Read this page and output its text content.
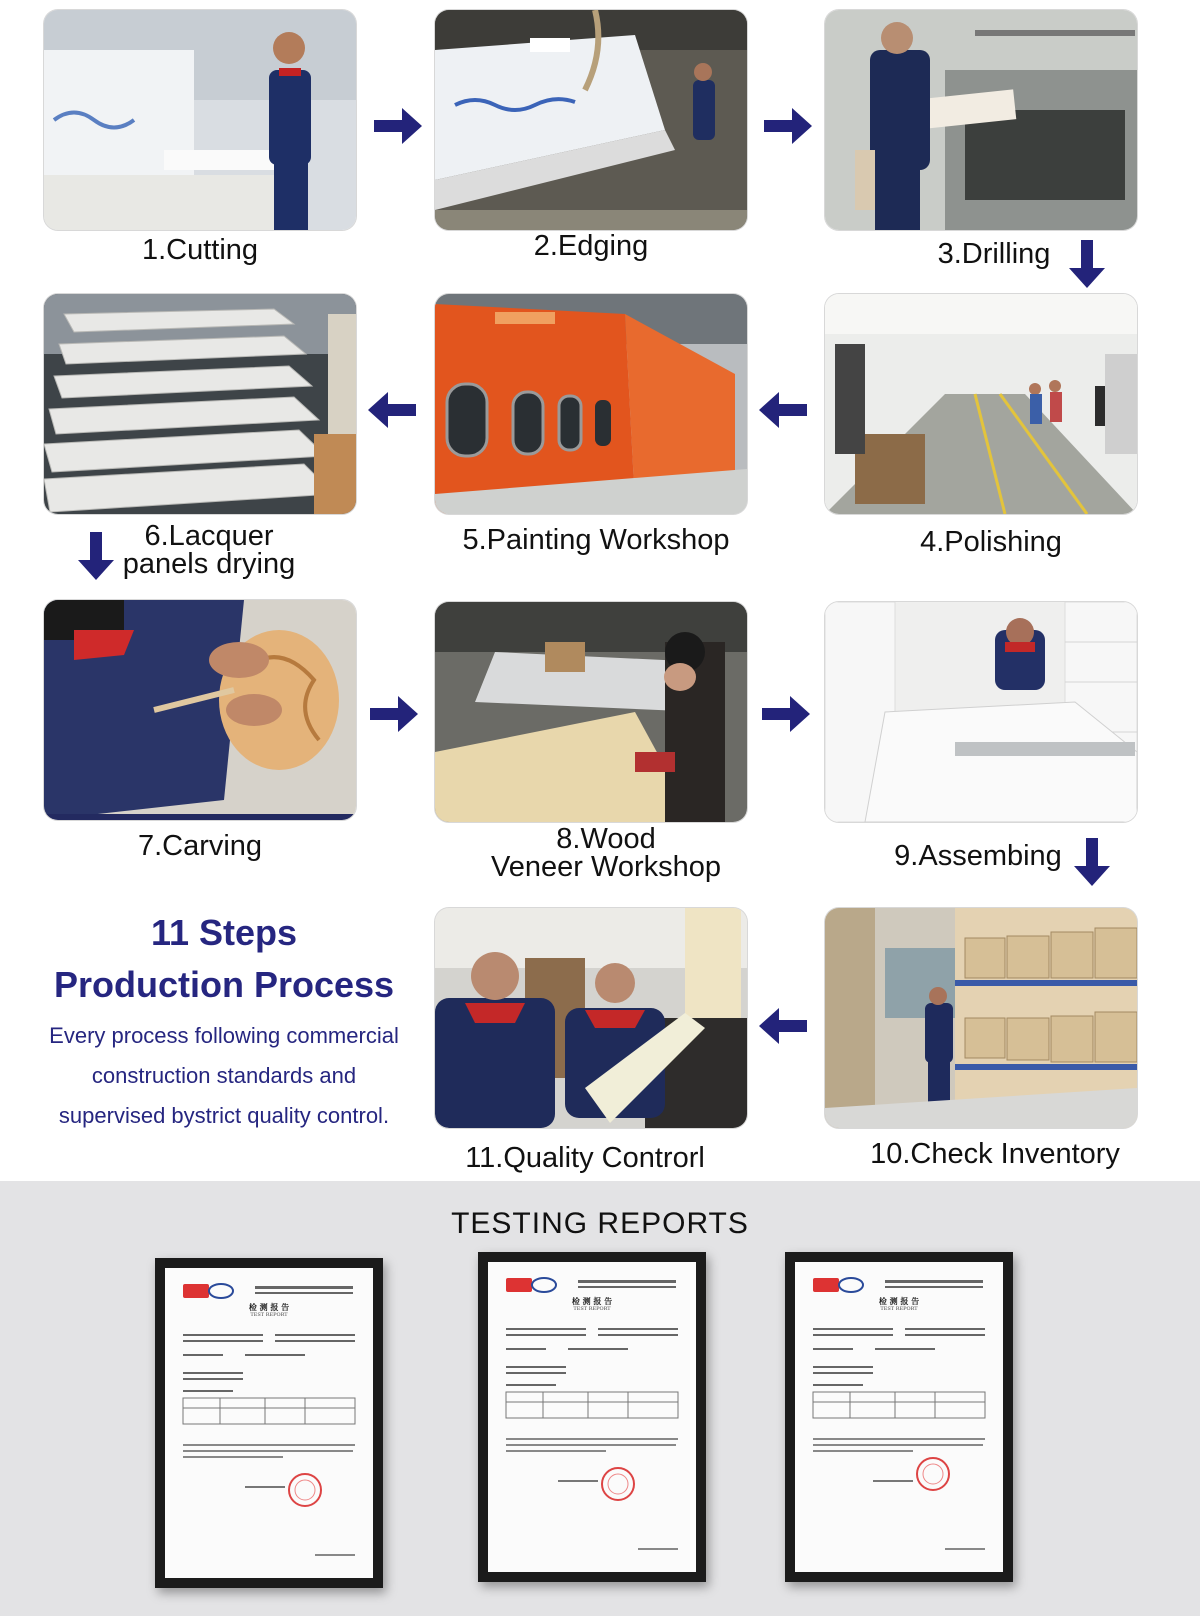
1.Cutting	2.Edging	3.Drilling
6.Lacquer
panels drying
5.Painting Workshop	4.Polishing
7.Carving	8.Wood
Veneer Workshop	9.Assembing
11 Steps
Production Process
Every process following commercial
construction standards and
supervised bystrict quality control.
11.Quality Controrl	10.Check Inventory
TESTING REPORTS
检 测 报 告
TEST REPORT
检 测 报 告
TEST REPORT
检 测 报 告
TEST REPORT
